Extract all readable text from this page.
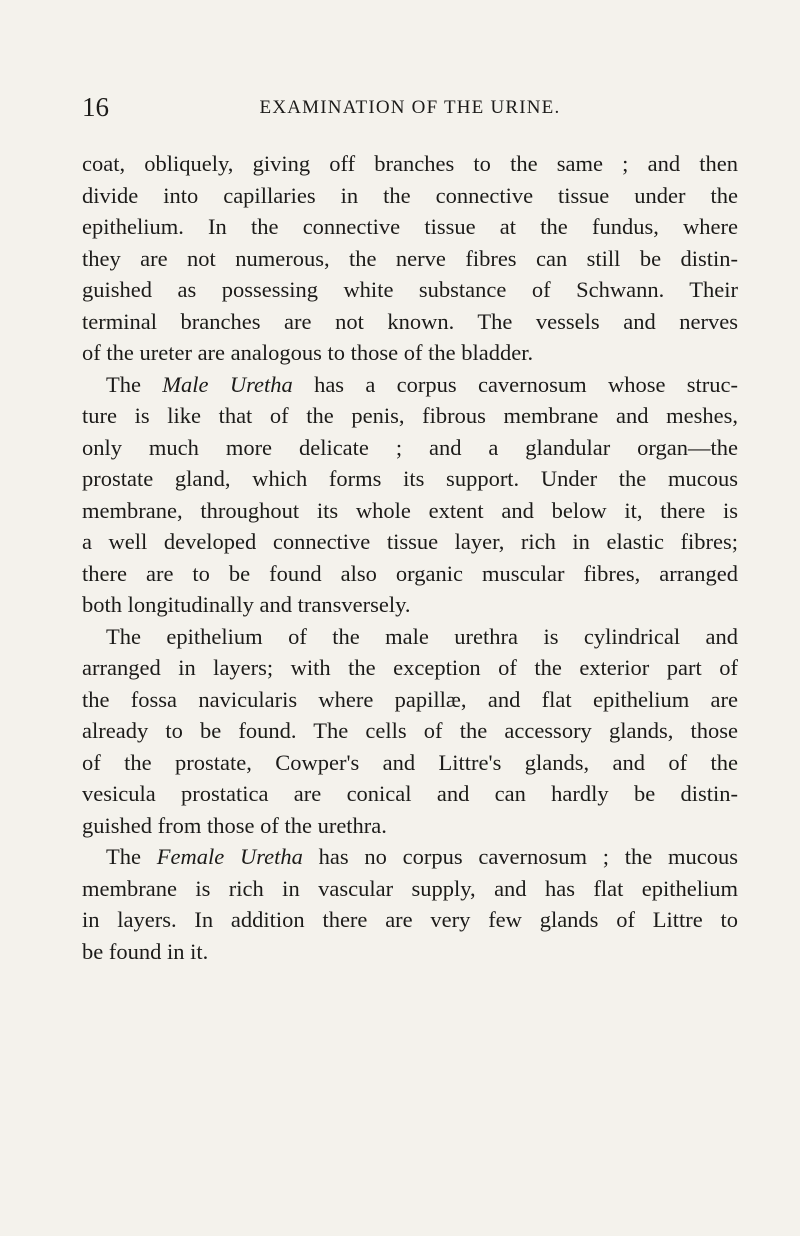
16	EXAMINATION OF THE URINE.
coat, obliquely, giving off branches to the same ; and then
divide into capillaries in the connective tissue under the
epithelium. In the connective tissue at the fundus, where
they are not numerous, the nerve fibres can still be distin-
guished as possessing white substance of Schwann. Their
terminal branches are not known. The vessels and nerves
of the ureter are analogous to those of the bladder.
The Male Uretha has a corpus cavernosum whose struc-
ture is like that of the penis, fibrous membrane and meshes,
only much more delicate ; and a glandular organ—the
prostate gland, which forms its support. Under the mucous
membrane, throughout its whole extent and below it, there is
a well developed connective tissue layer, rich in elastic fibres;
there are to be found also organic muscular fibres, arranged
both longitudinally and transversely.
The epithelium of the male urethra is cylindrical and
arranged in layers; with the exception of the exterior part of
the fossa navicularis where papillæ, and flat epithelium are
already to be found. The cells of the accessory glands, those
of the prostate, Cowper's and Littre's glands, and of the
vesicula prostatica are conical and can hardly be distin-
guished from those of the urethra.
The Female Uretha has no corpus cavernosum ; the mucous
membrane is rich in vascular supply, and has flat epithelium
in layers. In addition there are very few glands of Littre to
be found in it.
